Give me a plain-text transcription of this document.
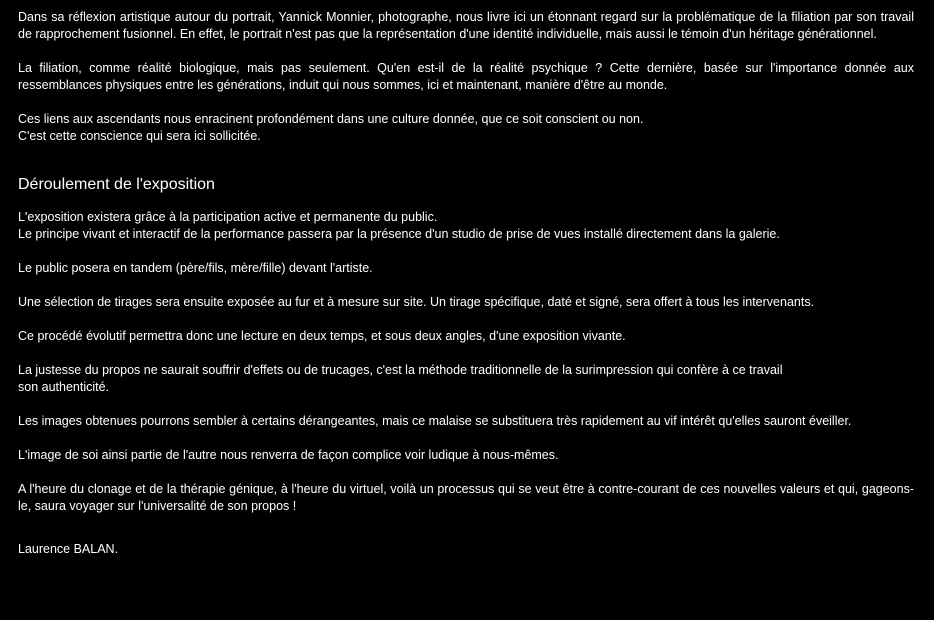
Dans sa réflexion artistique autour du portrait, Yannick Monnier, photographe, nous livre ici un étonnant regard sur la problématique de la filiation par son travail de rapprochement fusionnel. En effet, le portrait n'est pas que la représentation d'une identité individuelle, mais aussi le témoin d'un héritage générationnel.
La filiation, comme réalité biologique, mais pas seulement. Qu'en est-il de la réalité psychique ? Cette dernière, basée sur l'importance donnée aux ressemblances physiques entre les générations, induit qui nous sommes, ici et maintenant, manière d'être au monde.
Ces liens aux ascendants nous enracinent profondément dans une culture donnée, que ce soit conscient ou non.
C'est cette conscience qui sera ici sollicitée.
Déroulement de l'exposition
L'exposition existera grâce à la participation active et permanente du public.
Le principe vivant et interactif de la performance passera par la présence d'un studio de prise de vues installé directement dans la galerie.
Le public posera en tandem (père/fils, mère/fille) devant l'artiste.
Une sélection de tirages sera ensuite exposée au fur et à mesure sur site. Un tirage spécifique, daté et signé, sera offert à tous les intervenants.
Ce procédé évolutif permettra donc une lecture en deux temps, et sous deux angles, d'une exposition vivante.
La justesse du propos ne saurait souffrir d'effets ou de trucages, c'est la méthode traditionnelle de la surimpression qui confère à ce travail
son authenticité.
Les images obtenues pourrons sembler à certains dérangeantes, mais ce malaise se substituera très rapidement au vif intérêt qu'elles sauront éveiller.
L'image de soi ainsi partie de l'autre nous renverra de façon complice voir ludique à nous-mêmes.
A l'heure du clonage et de la thérapie génique, à l'heure du virtuel, voilà un processus qui se veut être à contre-courant de ces nouvelles valeurs et qui, gageons-le, saura voyager sur l'universalité de son propos !
Laurence BALAN.
